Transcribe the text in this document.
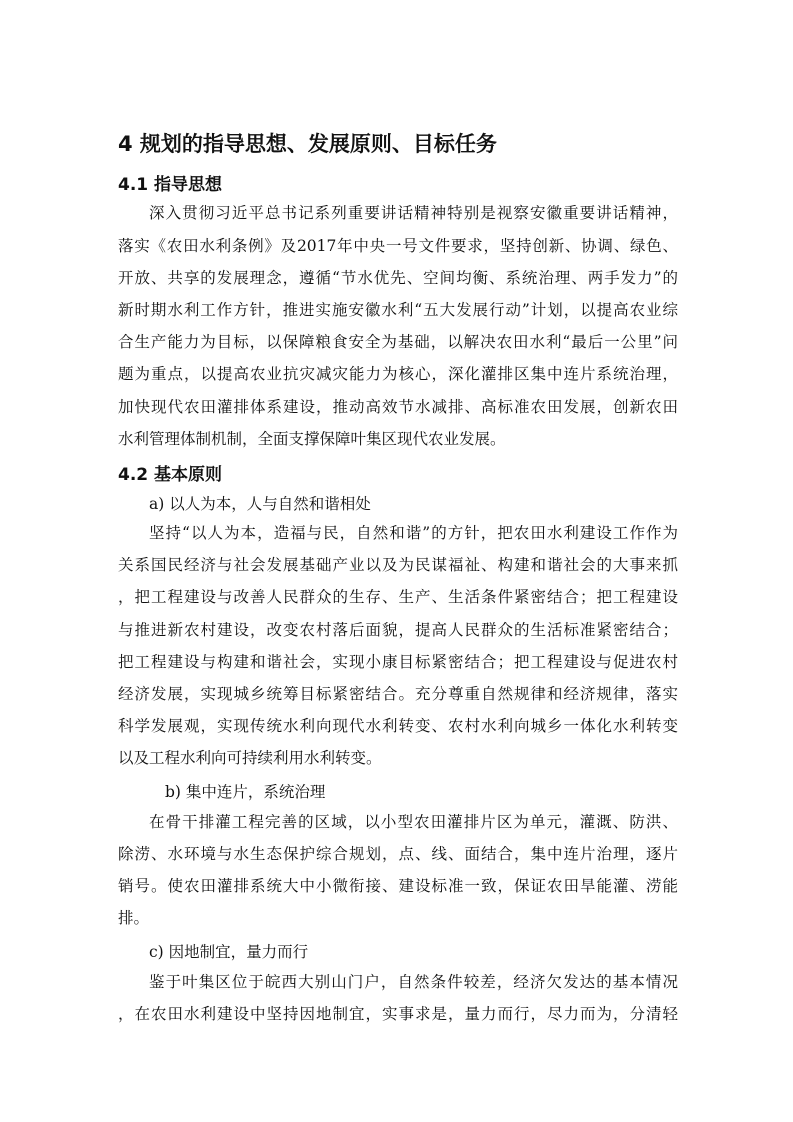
4 规划的指导思想、发展原则、目标任务
4.1 指导思想
深入贯彻习近平总书记系列重要讲话精神特别是视察安徽重要讲话精神，
落实《农田水利条例》及2017年中央一号文件要求，坚持创新、协调、绿色、
开放、共享的发展理念，遵循“节水优先、空间均衡、系统治理、两手发力”的
新时期水利工作方针，推进实施安徽水利“五大发展行动”计划，以提高农业综
合生产能力为目标，以保障粮食安全为基础，以解决农田水利“最后一公里”问
题为重点，以提高农业抗灾减灾能力为核心，深化灌排区集中连片系统治理，
加快现代农田灌排体系建设，推动高效节水减排、高标准农田发展，创新农田
水利管理体制机制，全面支撑保障叶集区现代农业发展。
4.2 基本原则
a) 以人为本，人与自然和谐相处
坚持“以人为本，造福与民，自然和谐”的方针，把农田水利建设工作作为
关系国民经济与社会发展基础产业以及为民谋福祉、构建和谐社会的大事来抓
，把工程建设与改善人民群众的生存、生产、生活条件紧密结合；把工程建设
与推进新农村建设，改变农村落后面貌，提高人民群众的生活标准紧密结合；
把工程建设与构建和谐社会，实现小康目标紧密结合；把工程建设与促进农村
经济发展，实现城乡统筹目标紧密结合。充分尊重自然规律和经济规律，落实
科学发展观，实现传统水利向现代水利转变、农村水利向城乡一体化水利转变
以及工程水利向可持续利用水利转变。
b) 集中连片，系统治理
在骨干排灌工程完善的区域，以小型农田灌排片区为单元，灌溉、防洪、
除涝、水环境与水生态保护综合规划，点、线、面结合，集中连片治理，逐片
销号。使农田灌排系统大中小微衔接、建设标准一致，保证农田旱能灌、涝能
排。
c) 因地制宜，量力而行
鉴于叶集区位于皖西大别山门户，自然条件较差，经济欠发达的基本情况
，在农田水利建设中坚持因地制宜，实事求是，量力而行，尽力而为，分清轻
